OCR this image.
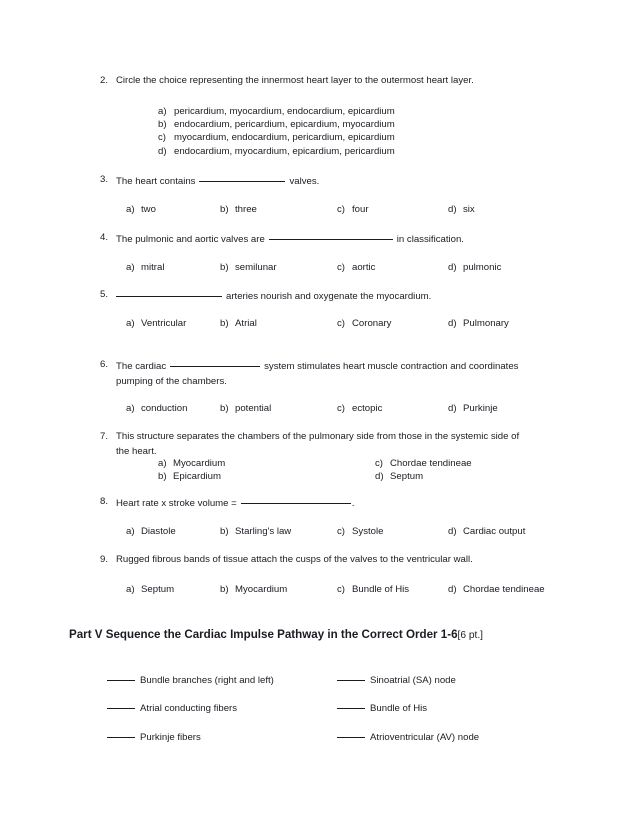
2. Circle the choice representing the innermost heart layer to the outermost heart layer.
a) pericardium, myocardium, endocardium, epicardium
b) endocardium, pericardium, epicardium, myocardium
c) myocardium, endocardium, pericardium, epicardium
d) endocardium, myocardium, epicardium, pericardium
3. The heart contains	valves.
a) two	b) three	c) four	d) six
4. The pulmonic and aortic valves are	in classification.
a) mitral	b) semilunar	c) aortic	d) pulmonic
5.	arteries nourish and oxygenate the myocardium.
a) Ventricular	b) Atrial	c) Coronary	d) Pulmonary
6. The cardiac	system stimulates heart muscle contraction and coordinates
pumping of the chambers.
a) conduction	b) potential	c) ectopic	d) Purkinje
7. This structure separates the chambers of the pulmonary side from those in the systemic side of
the heart.
a) Myocardium
b) Epicardium
c) Chordae tendineae
d) Septum
8. Heart rate x stroke volume =	.
a) Diastole	b) Starling's law	c) Systole	d) Cardiac output
9. Rugged fibrous bands of tissue attach the cusps of the valves to the ventricular wall.
a) Septum	b) Myocardium	c) Bundle of His	d) Chordae tendineae
Part V Sequence the Cardiac Impulse Pathway in the Correct Order 1-6[6 pt.]
Bundle branches (right and left)
Atrial conducting fibers
Purkinje fibers
Sinoatrial (SA) node
Bundle of His
Atrioventricular (AV) node
